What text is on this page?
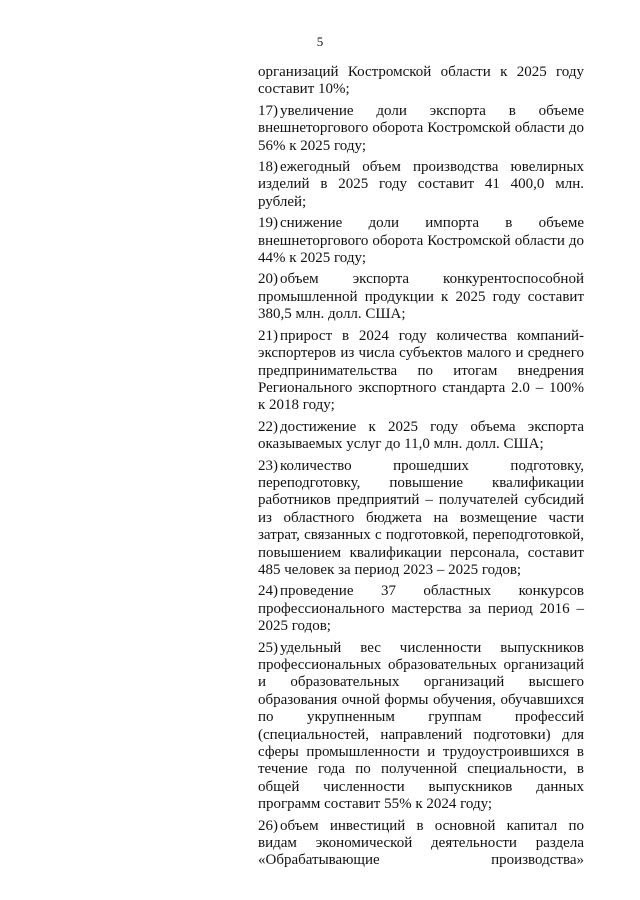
5

организаций Костромской области к 2025 году составит 10%;

17) увеличение доли экспорта в объеме внешнеторгового оборота Костромской области до 56% к 2025 году;

18) ежегодный объем производства ювелирных изделий в 2025 году составит 41 400,0 млн. рублей;

19) снижение доли импорта в объеме внешнеторгового оборота Костромской области до 44% к 2025 году;

20) объем экспорта конкурентоспособной промышленной продукции к 2025 году составит 380,5 млн. долл. США;

21) прирост в 2024 году количества компаний-экспортеров из числа субъектов малого и среднего предпринимательства по итогам внедрения Регионального экспортного стандарта 2.0 – 100% к 2018 году;

22) достижение к 2025 году объема экспорта оказываемых услуг до 11,0 млн. долл. США;

23) количество прошедших подготовку, переподготовку, повышение квалификации работников предприятий – получателей субсидий из областного бюджета на возмещение части затрат, связанных с подготовкой, переподготовкой, повышением квалификации персонала, составит 485 человек за период 2023 – 2025 годов;

24) проведение 37 областных конкурсов профессионального мастерства за период 2016 – 2025 годов;

25) удельный вес численности выпускников профессиональных образовательных организаций и образовательных организаций высшего образования очной формы обучения, обучавшихся по укрупненным группам профессий (специальностей, направлений подготовки) для сферы промышленности и трудоустроившихся в течение года по полученной специальности, в общей численности выпускников данных программ составит 55% к 2024 году;

26) объем инвестиций в основной капитал по видам экономической деятельности раздела «Обрабатывающие производства»
